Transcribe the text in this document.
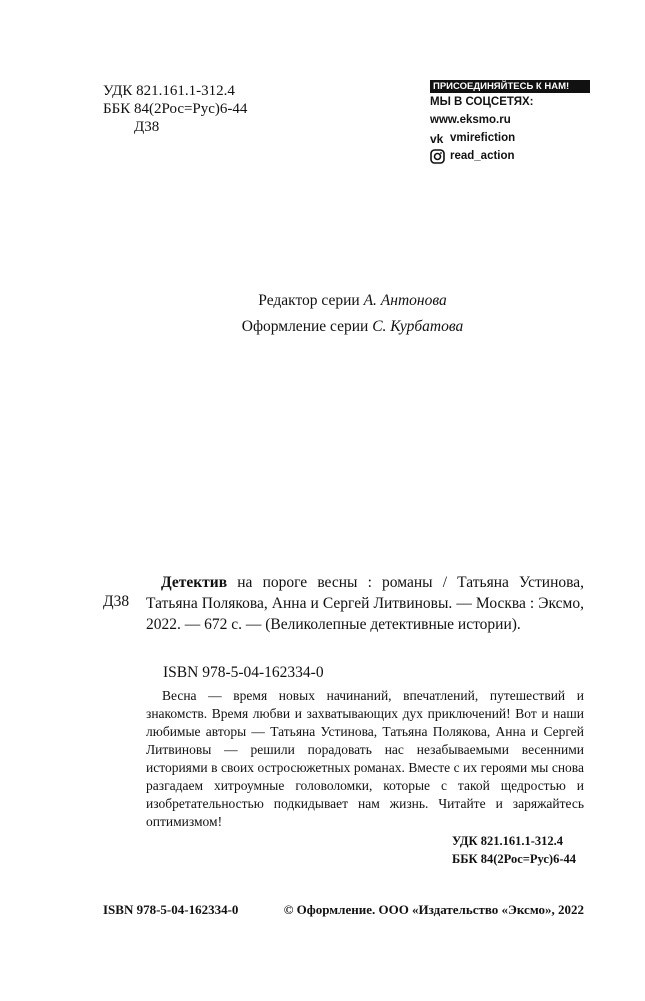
УДК 821.161.1-312.4
ББК 84(2Рос=Рус)6-44
Д38
ПРИСОЕДИНЯЙТЕСЬ К НАМ!
МЫ В СОЦСЕТЯХ:
www.eksmo.ru
vk vmirefiction
read_action
Редактор серии А. Антонова
Оформление серии С. Курбатова
Д38
Детектив на пороге весны : романы / Татьяна Устинова, Татьяна Полякова, Анна и Сергей Литвиновы. — Москва : Эксмо, 2022. — 672 с. — (Великолепные детективные истории).
ISBN 978-5-04-162334-0
Весна — время новых начинаний, впечатлений, путешествий и знакомств. Время любви и захватывающих дух приключений! Вот и наши любимые авторы — Татьяна Устинова, Татьяна Полякова, Анна и Сергей Литвиновы — решили порадовать нас незабываемыми весенними историями в своих остросюжетных романах. Вместе с их героями мы снова разгадаем хитроумные головоломки, которые с такой щедростью и изобретательностью подкидывает нам жизнь. Читайте и заряжайтесь оптимизмом!
УДК 821.161.1-312.4
ББК 84(2Рос=Рус)6-44
ISBN 978-5-04-162334-0	© Оформление. ООО «Издательство «Эксмо», 2022
